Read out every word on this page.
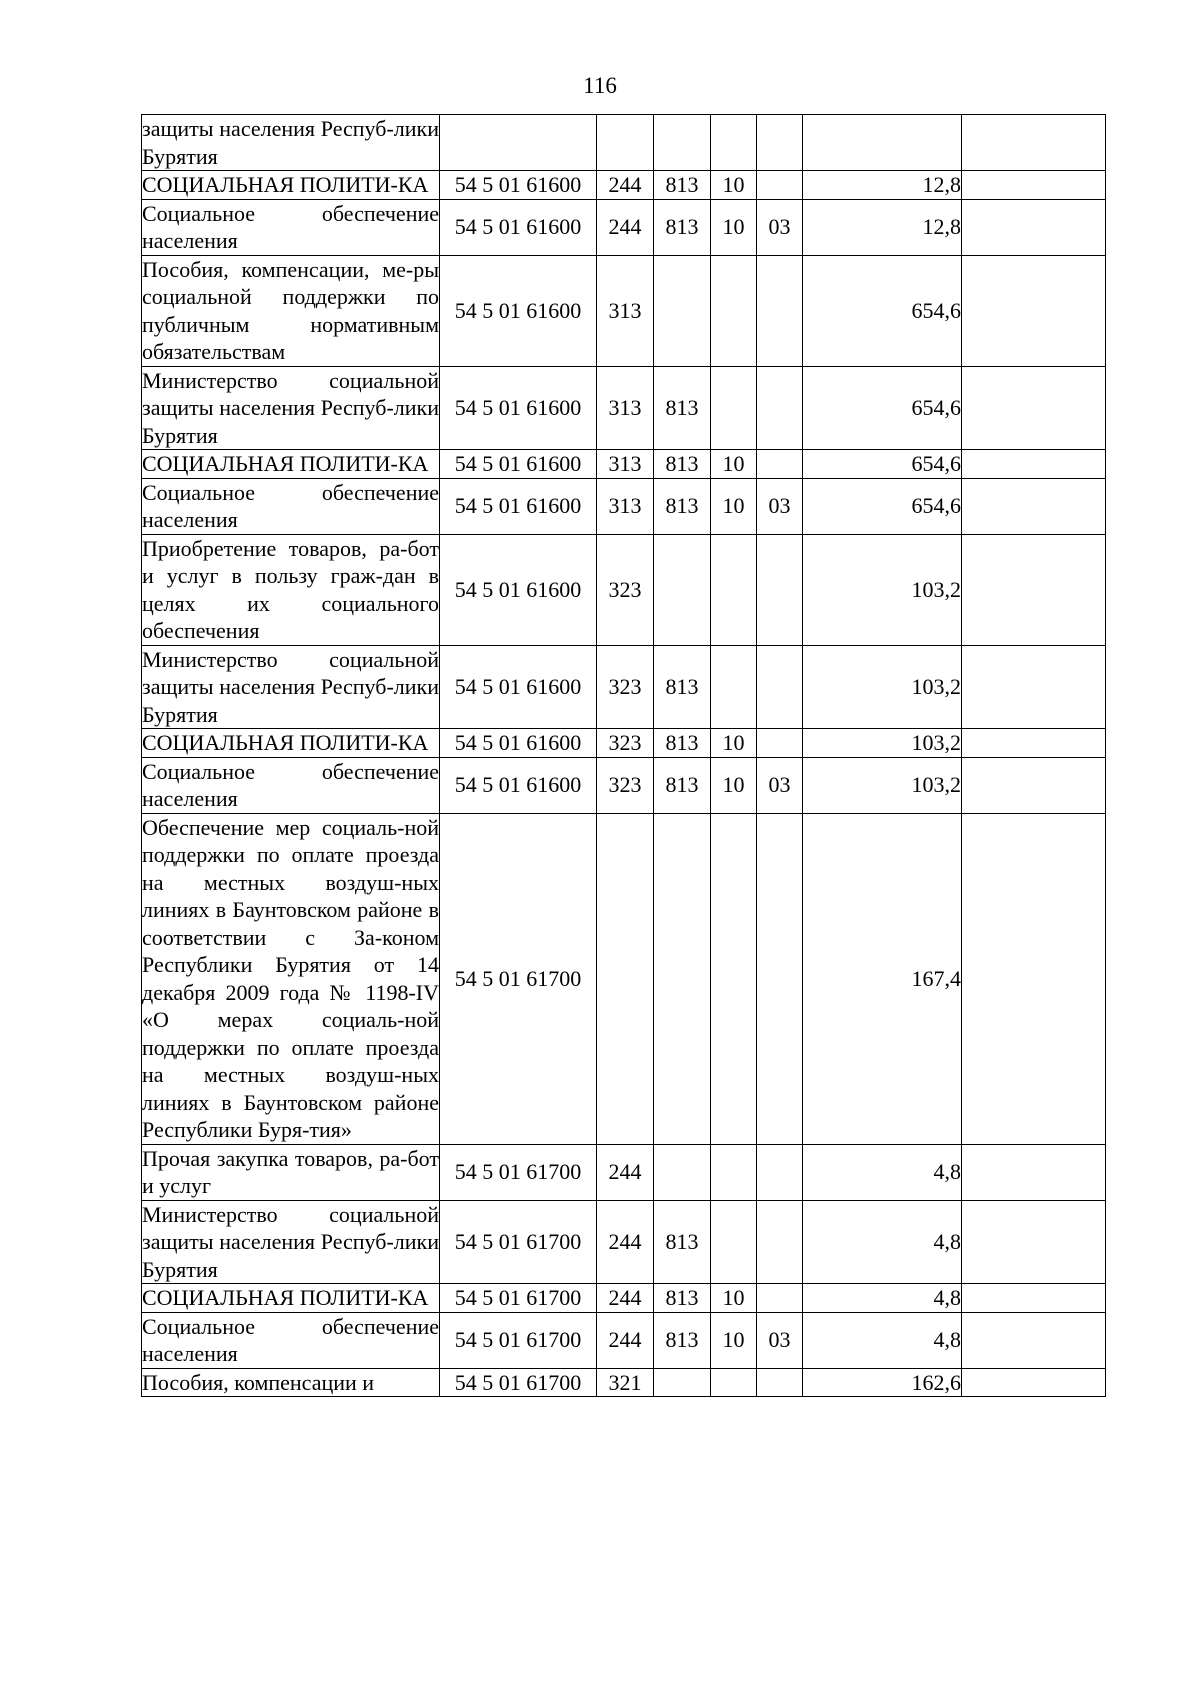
116
защиты населения Респуб-лики Бурятия							
СОЦИАЛЬНАЯ ПОЛИТИ-КА	54 5 01 61600	244	813	10		12,8	
Социальное обеспечение населения	54 5 01 61600	244	813	10	03	12,8	
Пособия, компенсации, ме-ры социальной поддержки по публичным нормативным обязательствам	54 5 01 61600	313				654,6	
Министерство социальной защиты населения Респуб-лики Бурятия	54 5 01 61600	313	813			654,6	
СОЦИАЛЬНАЯ ПОЛИТИ-КА	54 5 01 61600	313	813	10		654,6	
Социальное обеспечение населения	54 5 01 61600	313	813	10	03	654,6	
Приобретение товаров, ра-бот и услуг в пользу граж-дан в целях их социального обеспечения	54 5 01 61600	323				103,2	
Министерство социальной защиты населения Респуб-лики Бурятия	54 5 01 61600	323	813			103,2	
СОЦИАЛЬНАЯ ПОЛИТИ-КА	54 5 01 61600	323	813	10		103,2	
Социальное обеспечение населения	54 5 01 61600	323	813	10	03	103,2	
Обеспечение мер социаль-ной поддержки по оплате проезда на местных воздуш-ных линиях в Баунтовском районе в соответствии с За-коном Республики Бурятия от 14 декабря 2009 года № 1198-IV «О мерах социаль-ной поддержки по оплате проезда на местных воздуш-ных линиях в Баунтовском районе Республики Буря-тия»	54 5 01 61700					167,4	
Прочая закупка товаров, ра-бот и услуг	54 5 01 61700	244				4,8	
Министерство социальной защиты населения Респуб-лики Бурятия	54 5 01 61700	244	813			4,8	
СОЦИАЛЬНАЯ ПОЛИТИ-КА	54 5 01 61700	244	813	10		4,8	
Социальное обеспечение населения	54 5 01 61700	244	813	10	03	4,8	
Пособия, компенсации и	54 5 01 61700	321				162,6	
